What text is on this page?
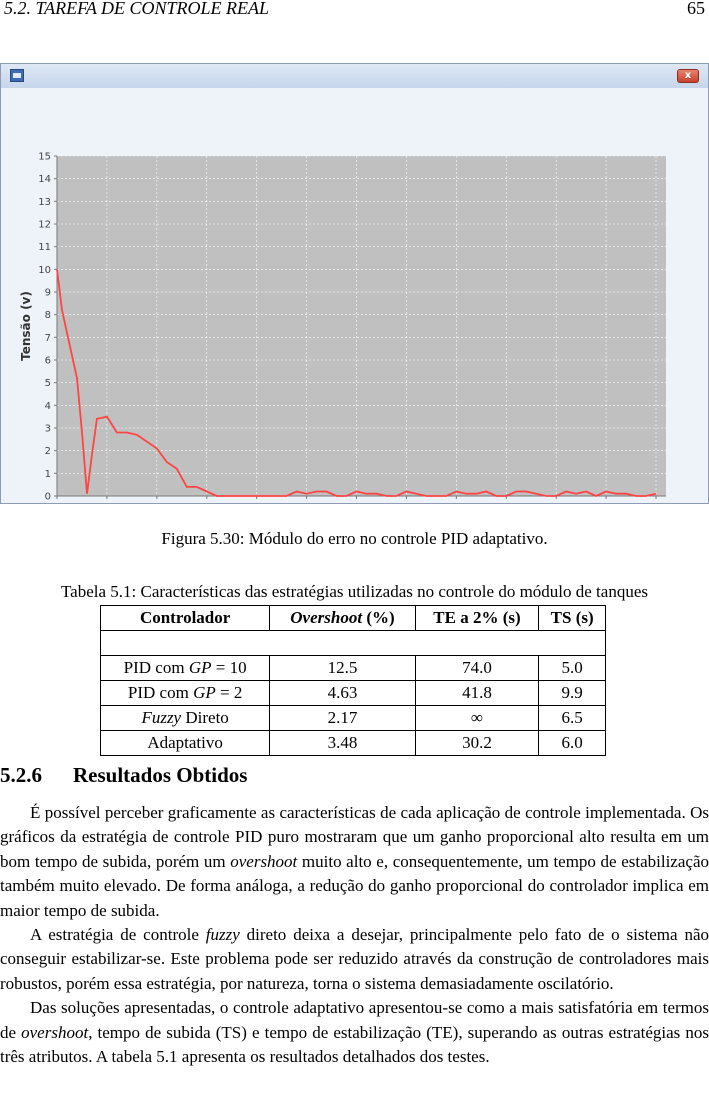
5.2. TAREFA DE CONTROLE REAL	65
x
0
1
2
3
4
5
6
7
8
9
10
11
12
13
14
15
Tensão (v)
Figura 5.30: Módulo do erro no controle PID adaptativo.
Tabela 5.1: Características das estratégias utilizadas no controle do módulo de tanques
Controlador	Overshoot (%)	TE a 2% (s)	TS (s)

PID com GP = 10	12.5	74.0	5.0
PID com GP = 2	4.63	41.8	9.9
Fuzzy Direto	2.17	∞	6.5
Adaptativo	3.48	30.2	6.0
5.2.6 Resultados Obtidos

É possível perceber graficamente as características de cada aplicação de controle implementada. Os gráficos da estratégia de controle PID puro mostraram que um ganho proporcional alto resulta em um bom tempo de subida, porém um overshoot muito alto e, consequentemente, um tempo de estabilização também muito elevado. De forma análoga, a redução do ganho proporcional do controlador implica em maior tempo de subida.

A estratégia de controle fuzzy direto deixa a desejar, principalmente pelo fato de o sistema não conseguir estabilizar-se. Este problema pode ser reduzido através da construção de controladores mais robustos, porém essa estratégia, por natureza, torna o sistema demasiadamente oscilatório.

Das soluções apresentadas, o controle adaptativo apresentou-se como a mais satisfatória em termos de overshoot, tempo de subida (TS) e tempo de estabilização (TE), superando as outras estratégias nos três atributos. A tabela 5.1 apresenta os resultados detalhados dos testes.
